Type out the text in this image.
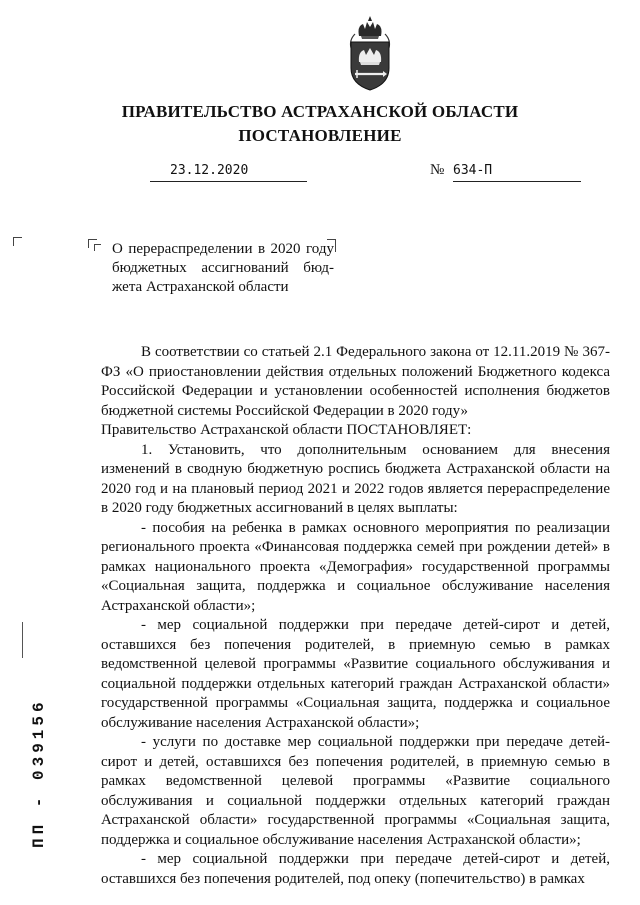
ПРАВИТЕЛЬСТВО АСТРАХАНСКОЙ ОБЛАСТИ
ПОСТАНОВЛЕНИЕ
23.12.2020	№ 634-П
О перераспределении в 2020 году
бюджетных ассигнований бюд-
жета Астраханской области
В соответствии со статьей 2.1 Федерального закона от 12.11.2019 № 367-ФЗ «О приостановлении действия отдельных положений Бюджетного кодекса Российской Федерации и установлении особенностей исполнения бюджетов бюджетной системы Российской Федерации в 2020 году»
Правительство Астраханской области ПОСТАНОВЛЯЕТ:
1. Установить, что дополнительным основанием для внесения изменений в сводную бюджетную роспись бюджета Астраханской области на 2020 год и на плановый период 2021 и 2022 годов является перераспределение в 2020 году бюджетных ассигнований в целях выплаты:
- пособия на ребенка в рамках основного мероприятия по реализации регионального проекта «Финансовая поддержка семей при рождении детей» в рамках национального проекта «Демография» государственной программы «Социальная защита, поддержка и социальное обслуживание населения Астраханской области»;
- мер социальной поддержки при передаче детей-сирот и детей, оставшихся без попечения родителей, в приемную семью в рамках ведомственной целевой программы «Развитие социального обслуживания и социальной поддержки отдельных категорий граждан Астраханской области» государственной программы «Социальная защита, поддержка и социальное обслуживание населения Астраханской области»;
- услуги по доставке мер социальной поддержки при передаче детей-сирот и детей, оставшихся без попечения родителей, в приемную семью в рамках ведомственной целевой программы «Развитие социального обслуживания и социальной поддержки отдельных категорий граждан Астраханской области» государственной программы «Социальная защита, поддержка и социальное обслуживание населения Астраханской области»;
- мер социальной поддержки при передаче детей-сирот и детей, оставшихся без попечения родителей, под опеку (попечительство) в рамках
ПП - 039156
